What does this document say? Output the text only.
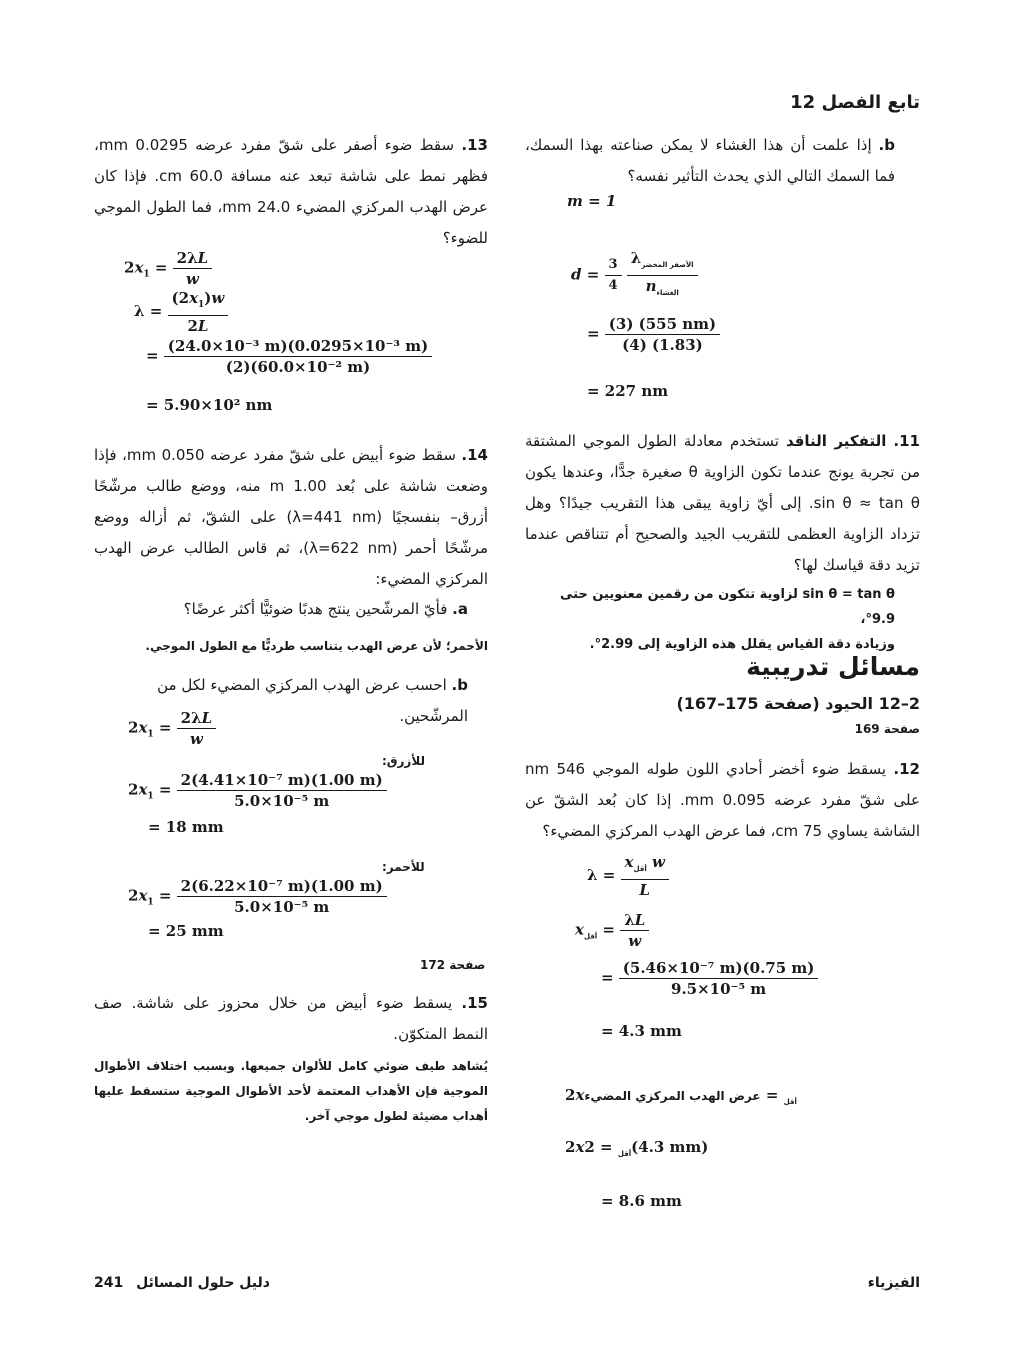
تابع الفصل 12
b. إذا علمت أن هذا الغشاء لا يمكن صناعته بهذا السمك، فما السمك التالي الذي يحدث التأثير نفسه؟
m = 1
$d = \frac{3}{4}$
$\frac{\lambda_{الأصفر المخضر}}{n_{الغشاء}}$
= $\frac{(3) (555 nm)}{(4) (1.83)}$
= 227 nm
11. التفكير الناقد تستخدم معادلة الطول الموجي المشتقة من تجربة يونج عندما تكون الزاوية θ صغيرة جدًّا، وعندها يكون sin θ ≈ tan θ. إلى أيّ زاوية يبقى هذا التقريب جيدًا؟ وهل تزداد الزاوية العظمى للتقريب الجيد والصحيح أم تتناقص عندما تزيد دقة قياسك لها؟
sin θ = tan θ لزاوية تتكون من رقمين معنويين حتى 9.9°،
وزيادة دقة القياس يقلل هذه الزاوية إلى 2.99°.
مسائل تدريبية
2–12 الحيود (صفحة 175–167)
صفحة 169
12. يسقط ضوء أخضر أحادي اللون طوله الموجي 546 nm على شقّ مفرد عرضه 0.095 mm. إذا كان بُعد الشقّ عن الشاشة يساوي 75 cm، فما عرض الهدب المركزي المضيء؟
$\lambda = \frac{x_{أقل} w}{L}$
$x_{أقل} = \frac{\lambda L}{w}$
= $\frac{\text{(5.46×10⁻⁷ m)(0.75 m)}}{\text{9.5×10⁻⁵ m}}$
= 4.3 mm
2x	$_{أقل}$ = عرض الهدب المركزي المضيء
2x	$_{أقل}$ = 2(4.3 mm)
= 8.6 mm
13. سقط ضوء أصفر على شقّ مفرد عرضه 0.0295 mm، فظهر نمط على شاشة تبعد عنه مسافة 60.0 cm. فإذا كان عرض الهدب المركزي المضيء 24.0 mm، فما الطول الموجي للضوء؟
$2x_1 = \frac{2\lambda L}{w}$
$\lambda = \frac{(2x_1)w}{2L}$
= $\frac{\text{(24.0×10⁻³ m)(0.0295×10⁻³ m)}}{\text{(2)(60.0×10⁻² m)}}$
= 5.90×10² nm
14. سقط ضوء أبيض على شقّ مفرد عرضه 0.050 mm، فإذا وضعت شاشة على بُعد 1.00 m منه، ووضع طالب مرشّحًا أزرق– بنفسجيًا (λ=441 nm) على الشقّ، ثم أزاله ووضع مرشّحًا أحمر (λ=622 nm)، ثم قاس الطالب عرض الهدب المركزي المضيء:
a. فأيّ المرشّحين ينتج هدبًا ضوئيًّا أكثر عرضًا؟
الأحمر؛ لأن عرض الهدب يتناسب طرديًّا مع الطول الموجي.
b. احسب عرض الهدب المركزي المضيء لكل من المرشّحين.
$2x_1 = \frac{2\lambda L}{w}$
للأزرق:
$2x_1 = \frac{\text{2(4.41×10⁻⁷ m)(1.00 m)}}{\text{5.0×10⁻⁵ m}}$
= 18 mm
للأحمر:
$2x_1 = \frac{\text{2(6.22×10⁻⁷ m)(1.00 m)}}{\text{5.0×10⁻⁵ m}}$
= 25 mm
صفحة 172
15. يسقط ضوء أبيض من خلال محزوز على شاشة. صف النمط المتكوّن.
يُشاهد طيف ضوئي كامل للألوان جميعها. وبسبب اختلاف الأطوال الموجية فإن الأهداب المعتمة لأحد الأطوال الموجية ستسقط عليها أهداب مضيئة لطول موجي آخر.
الفيزياء
دليل حلول المسائل 241
